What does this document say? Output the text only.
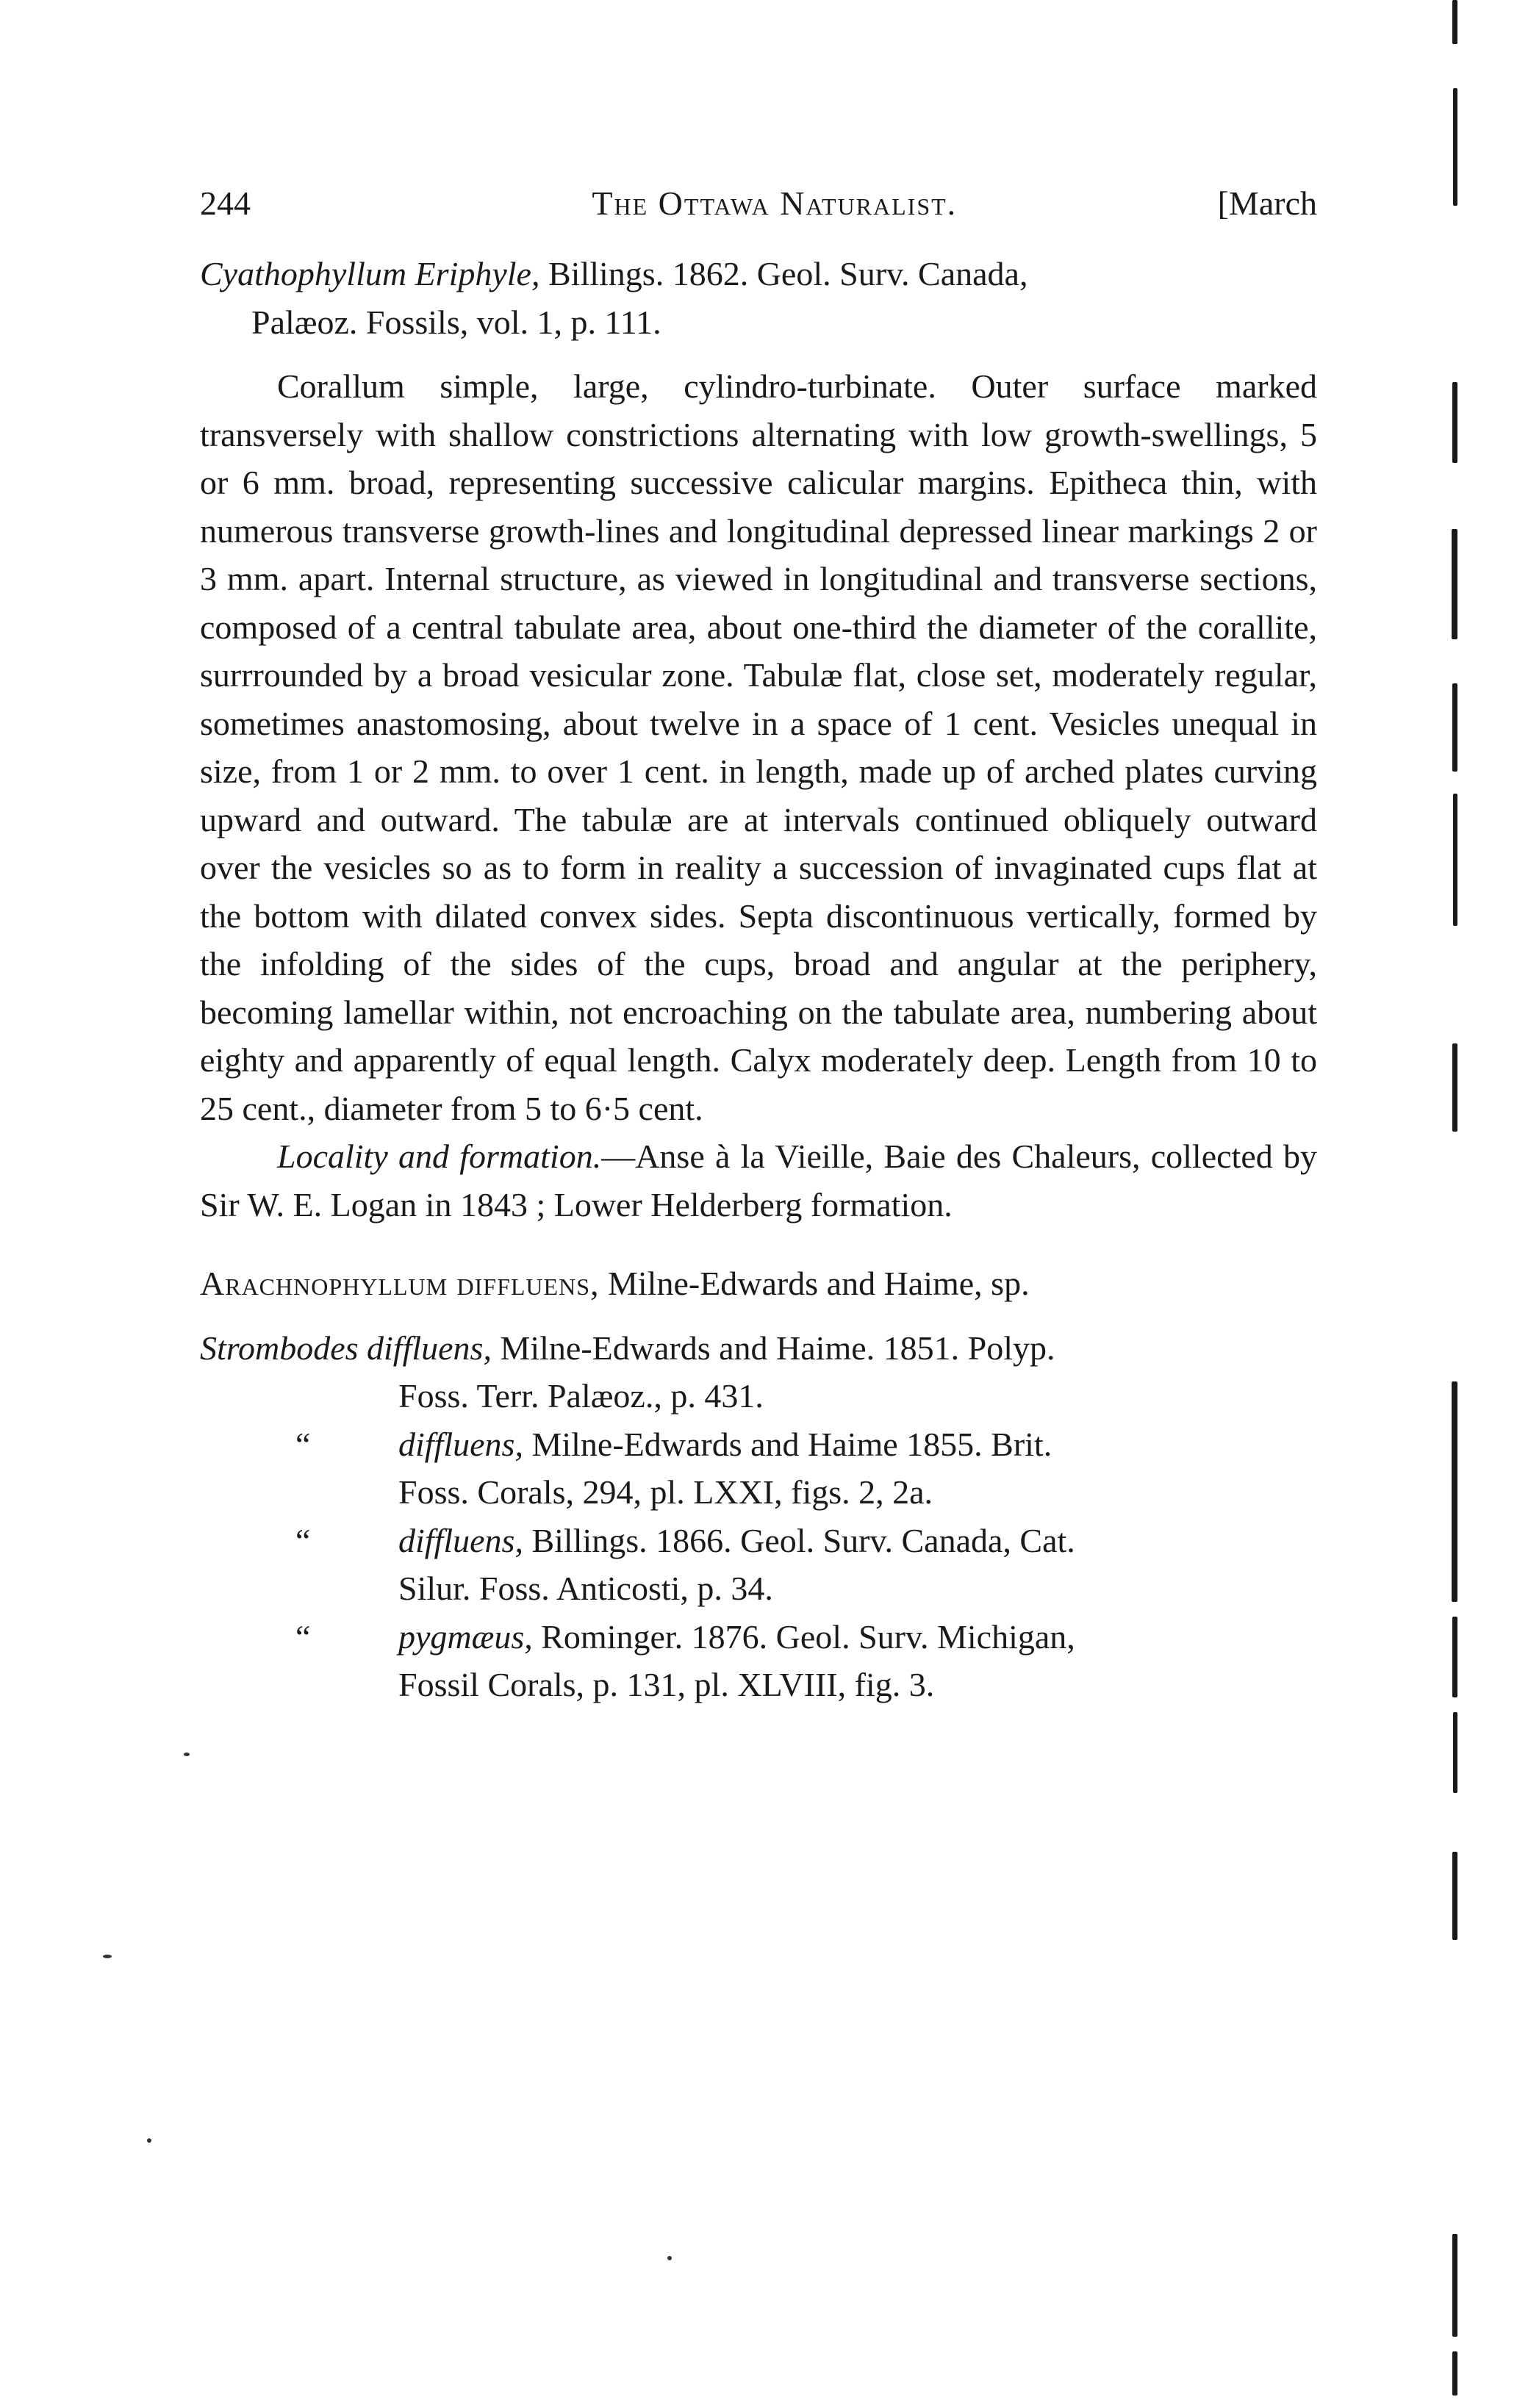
244	The Ottawa Naturalist.	[March

Cyathophyllum Eriphyle, Billings. 1862. Geol. Surv. Canada,
Palæoz. Fossils, vol. 1, p. 111.

Corallum simple, large, cylindro-turbinate. Outer surface marked transversely with shallow constrictions alternating with low growth-swellings, 5 or 6 mm. broad, representing successive calicular margins. Epitheca thin, with numerous transverse growth-lines and longitudinal depressed linear markings 2 or 3 mm. apart. Internal structure, as viewed in longitudinal and transverse sections, composed of a central tabulate area, about one-third the diameter of the corallite, surrrounded by a broad vesicular zone. Tabulæ flat, close set, moderately regular, sometimes anastomosing, about twelve in a space of 1 cent. Vesicles unequal in size, from 1 or 2 mm. to over 1 cent. in length, made up of arched plates curving upward and outward. The tabulæ are at intervals continued obliquely outward over the vesicles so as to form in reality a succession of invaginated cups flat at the bottom with dilated convex sides. Septa discontinuous vertically, formed by the infolding of the sides of the cups, broad and angular at the periphery, becoming lamellar within, not encroaching on the tabulate area, numbering about eighty and apparently of equal length. Calyx moderately deep. Length from 10 to 25 cent., diameter from 5 to 6·5 cent.

Locality and formation.—Anse à la Vieille, Baie des Chaleurs, collected by Sir W. E. Logan in 1843 ; Lower Helderberg formation.

Arachnophyllum diffluens, Milne-Edwards and Haime, sp.
Strombodes diffluens, Milne-Edwards and Haime. 1851. Polyp.
Foss. Terr. Palæoz., p. 431.
“	diffluens, Milne-Edwards and Haime 1855. Brit.
Foss. Corals, 294, pl. LXXI, figs. 2, 2a.
“	diffluens, Billings. 1866. Geol. Surv. Canada, Cat.
Silur. Foss. Anticosti, p. 34.
“	pygmæus, Rominger. 1876. Geol. Surv. Michigan,
Fossil Corals, p. 131, pl. XLVIII, fig. 3.
